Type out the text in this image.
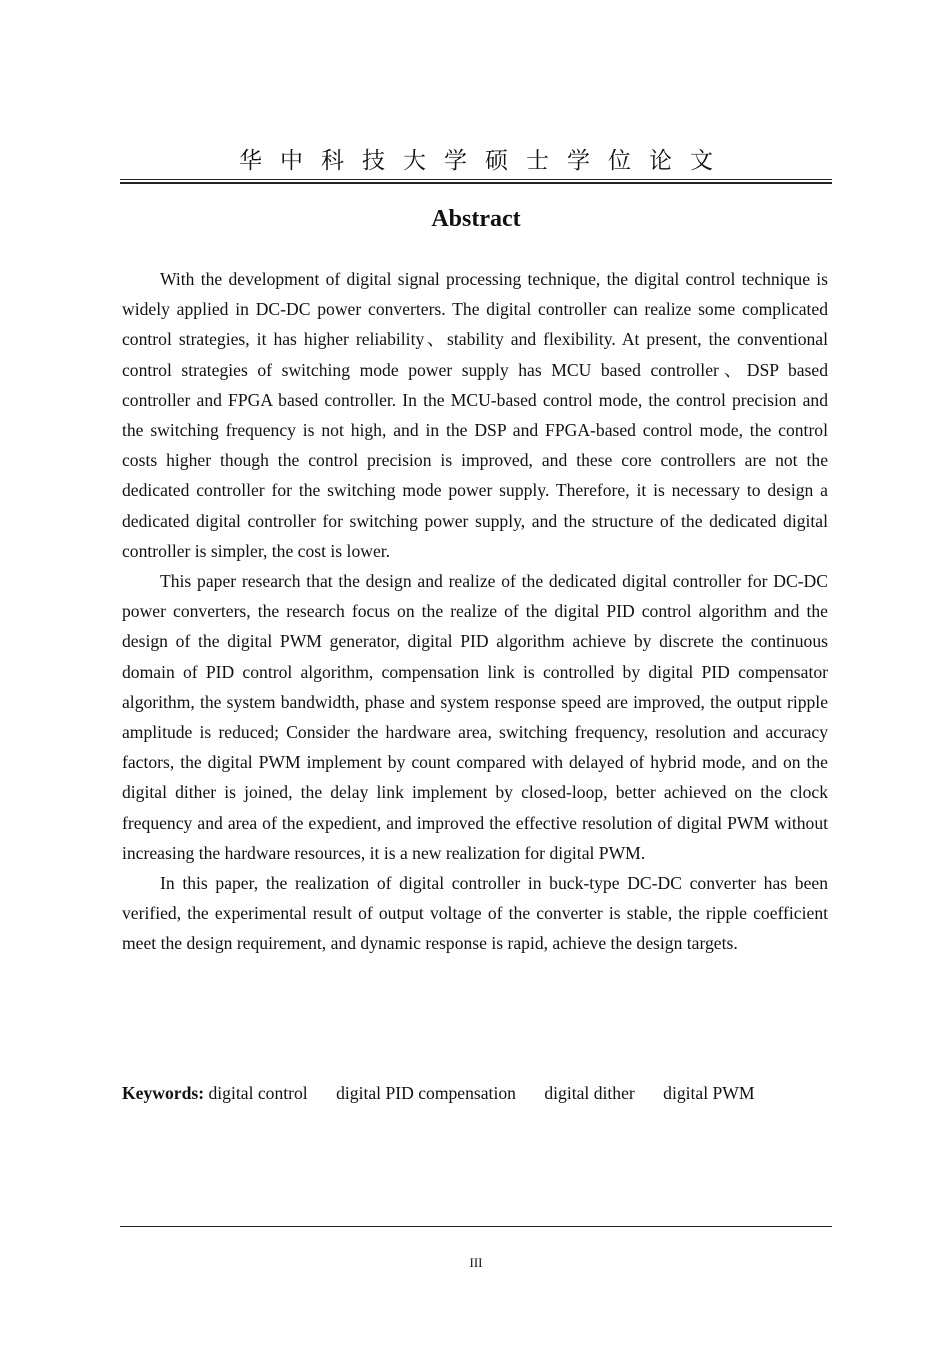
华中科技大学硕士学位论文
Abstract

With the development of digital signal processing technique, the digital control technique is widely applied in DC-DC power converters. The digital controller can realize some complicated control strategies, it has higher reliability、stability and flexibility. At present, the conventional control strategies of switching mode power supply has MCU based controller、DSP based controller and FPGA based controller. In the MCU-based control mode, the control precision and the switching frequency is not high, and in the DSP and FPGA-based control mode, the control costs higher though the control precision is improved, and these core controllers are not the dedicated controller for the switching mode power supply. Therefore, it is necessary to design a dedicated digital controller for switching power supply, and the structure of the dedicated digital controller is simpler, the cost is lower.

This paper research that the design and realize of the dedicated digital controller for DC-DC power converters, the research focus on the realize of the digital PID control algorithm and the design of the digital PWM generator, digital PID algorithm achieve by discrete the continuous domain of PID control algorithm, compensation link is controlled by digital PID compensator algorithm, the system bandwidth, phase and system response speed are improved, the output ripple amplitude is reduced; Consider the hardware area, switching frequency, resolution and accuracy factors, the digital PWM implement by count compared with delayed of hybrid mode, and on the digital dither is joined, the delay link implement by closed-loop, better achieved on the clock frequency and area of the expedient, and improved the effective resolution of digital PWM without increasing the hardware resources, it is a new realization for digital PWM.

In this paper, the realization of digital controller in buck-type DC-DC converter has been verified, the experimental result of output voltage of the converter is stable, the ripple coefficient meet the design requirement, and dynamic response is rapid, achieve the design targets.

Keywords: digital control digital PID compensation digital dither digital PWM
III
